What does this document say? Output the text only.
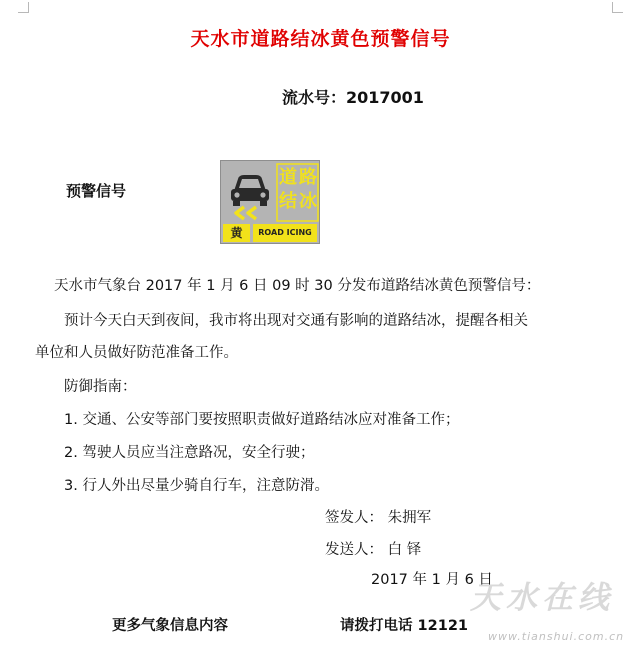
天水市道路结冰黄色预警信号
流水号：2017001
预警信号
道 路
结 冰
黄	ROAD ICING
天水市气象台 2017 年 1 月 6 日 09 时 30 分发布道路结冰黄色预警信号：
预计今天白天到夜间，我市将出现对交通有影响的道路结冰，提醒各相关
单位和人员做好防范准备工作。
防御指南：
1. 交通、公安等部门要按照职责做好道路结冰应对准备工作；
2. 驾驶人员应当注意路况，安全行驶；
3. 行人外出尽量少骑自行车，注意防滑。
签发人： 朱拥军
发送人： 白 铎
2017 年 1 月 6 日
更多气象信息内容	请拨打电话 12121
天水在线
www.tianshui.com.cn
